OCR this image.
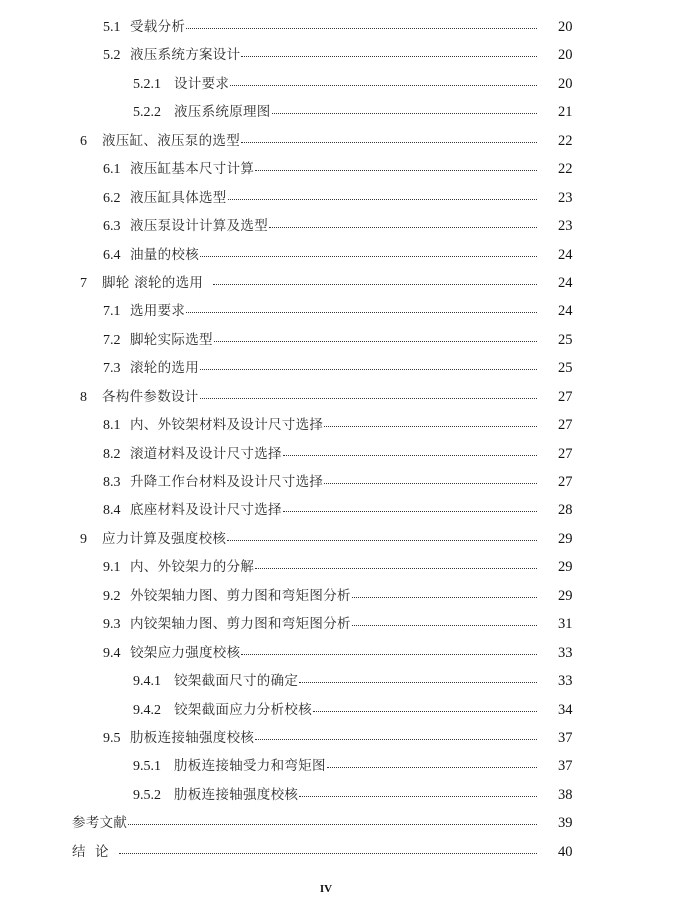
5.1 受载分析	20
5.2 液压系统方案设计	20
5.2.1 设计要求	20
5.2.2 液压系统原理图	21
6	液压缸、液压泵的选型	22
6.1 液压缸基本尺寸计算	22
6.2 液压缸具体选型	23
6.3 液压泵设计计算及选型	23
6.4 油量的校核	24
7	脚轮 滚轮的选用	24
7.1 选用要求	24
7.2 脚轮实际选型	25
7.3 滚轮的选用	25
8	各构件参数设计	27
8.1 内、外铰架材料及设计尺寸选择	27
8.2 滚道材料及设计尺寸选择	27
8.3 升降工作台材料及设计尺寸选择	27
8.4 底座材料及设计尺寸选择	28
9	应力计算及强度校核	29
9.1 内、外铰架力的分解	29
9.2 外铰架轴力图、剪力图和弯矩图分析	29
9.3 内铰架轴力图、剪力图和弯矩图分析	31
9.4 铰架应力强度校核	33
9.4.1 铰架截面尺寸的确定	33
9.4.2 铰架截面应力分析校核	34
9.5 肋板连接轴强度校核	37
9.5.1 肋板连接轴受力和弯矩图	37
9.5.2 肋板连接轴强度校核	38
参考文献	39
结  论	40
IV
